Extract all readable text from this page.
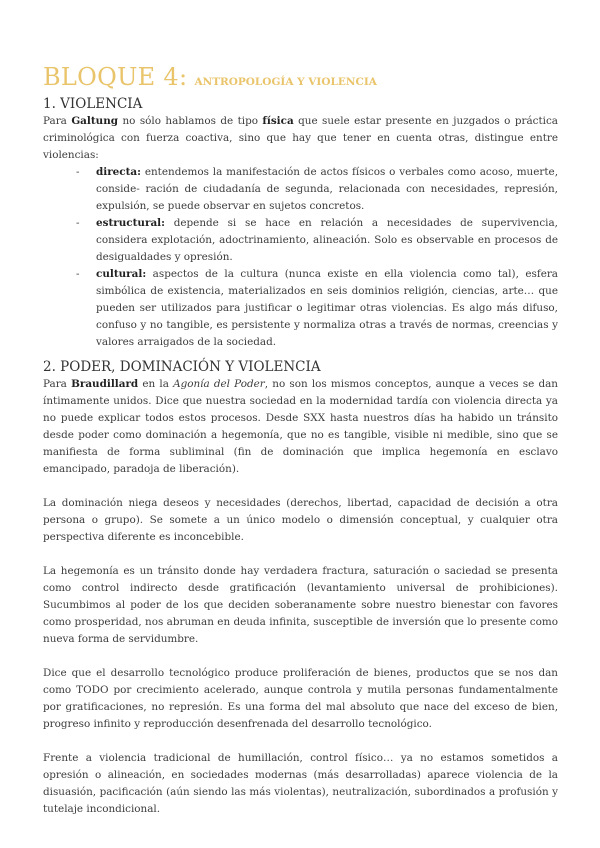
BLOQUE 4: ANTROPOLOGÍA Y VIOLENCIA
1. VIOLENCIA

Para Galtung no sólo hablamos de tipo física que suele estar presente en juzgados o práctica criminológica con fuerza coactiva, sino que hay que tener en cuenta otras, distingue entre violencias:

- directa: entendemos la manifestación de actos físicos o verbales como acoso, muerte, conside- ración de ciudadanía de segunda, relacionada con necesidades, represión, expulsión, se puede observar en sujetos concretos.
- estructural: depende si se hace en relación a necesidades de supervivencia, considera explotación, adoctrinamiento, alineación. Solo es observable en procesos de desigualdades y opresión.
- cultural: aspectos de la cultura (nunca existe en ella violencia como tal), esfera simbólica de existencia, materializados en seis dominios religión, ciencias, arte… que pueden ser utilizados para justificar o legitimar otras violencias. Es algo más difuso, confuso y no tangible, es persistente y normaliza otras a través de normas, creencias y valores arraigados de la sociedad.
2. PODER, DOMINACIÓN Y VIOLENCIA

Para Braudillard en la Agonía del Poder, no son los mismos conceptos, aunque a veces se dan íntimamente unidos. Dice que nuestra sociedad en la modernidad tardía con violencia directa ya no puede explicar todos estos procesos. Desde SXX hasta nuestros días ha habido un tránsito desde poder como dominación a hegemonía, que no es tangible, visible ni medible, sino que se manifiesta de forma subliminal (fin de dominación que implica hegemonía en esclavo emancipado, paradoja de liberación).

La dominación niega deseos y necesidades (derechos, libertad, capacidad de decisión a otra persona o grupo). Se somete a un único modelo o dimensión conceptual, y cualquier otra perspectiva diferente es inconcebible.

La hegemonía es un tránsito donde hay verdadera fractura, saturación o saciedad se presenta como control indirecto desde gratificación (levantamiento universal de prohibiciones). Sucumbimos al poder de los que deciden soberanamente sobre nuestro bienestar con favores como prosperidad, nos abruman en deuda infinita, susceptible de inversión que lo presente como nueva forma de servidumbre.

Dice que el desarrollo tecnológico produce proliferación de bienes, productos que se nos dan como TODO por crecimiento acelerado, aunque controla y mutila personas fundamentalmente por gratificaciones, no represión. Es una forma del mal absoluto que nace del exceso de bien, progreso infinito y reproducción desenfrenada del desarrollo tecnológico.

Frente a violencia tradicional de humillación, control físico… ya no estamos sometidos a opresión o alineación, en sociedades modernas (más desarrolladas) aparece violencia de la disuasión, pacificación (aún siendo las más violentas), neutralización, subordinados a profusión y tutelaje incondicional.
